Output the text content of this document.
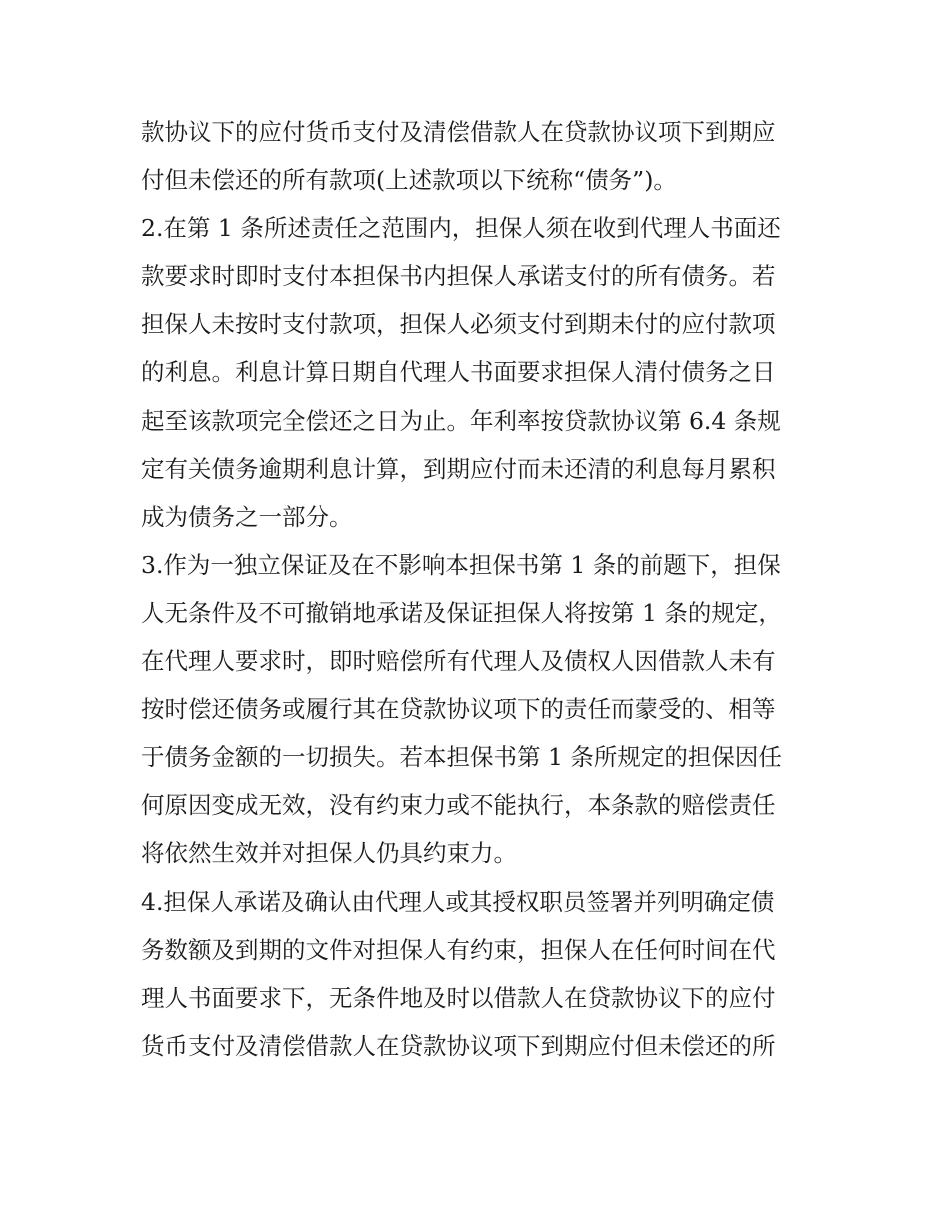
款协议下的应付货币支付及清偿借款人在贷款协议项下到期应
付但未偿还的所有款项(上述款项以下统称“债务”)。
2.在第 1 条所述责任之范围内，担保人须在收到代理人书面还
款要求时即时支付本担保书内担保人承诺支付的所有债务。若
担保人未按时支付款项，担保人必须支付到期未付的应付款项
的利息。利息计算日期自代理人书面要求担保人清付债务之日
起至该款项完全偿还之日为止。年利率按贷款协议第 6.4 条规
定有关债务逾期利息计算，到期应付而未还清的利息每月累积
成为债务之一部分。
3.作为一独立保证及在不影响本担保书第 1 条的前题下，担保
人无条件及不可撤销地承诺及保证担保人将按第 1 条的规定，
在代理人要求时，即时赔偿所有代理人及债权人因借款人未有
按时偿还债务或履行其在贷款协议项下的责任而蒙受的、相等
于债务金额的一切损失。若本担保书第 1 条所规定的担保因任
何原因变成无效，没有约束力或不能执行，本条款的赔偿责任
将依然生效并对担保人仍具约束力。
4.担保人承诺及确认由代理人或其授权职员签署并列明确定债
务数额及到期的文件对担保人有约束，担保人在任何时间在代
理人书面要求下，无条件地及时以借款人在贷款协议下的应付
货币支付及清偿借款人在贷款协议项下到期应付但未偿还的所
